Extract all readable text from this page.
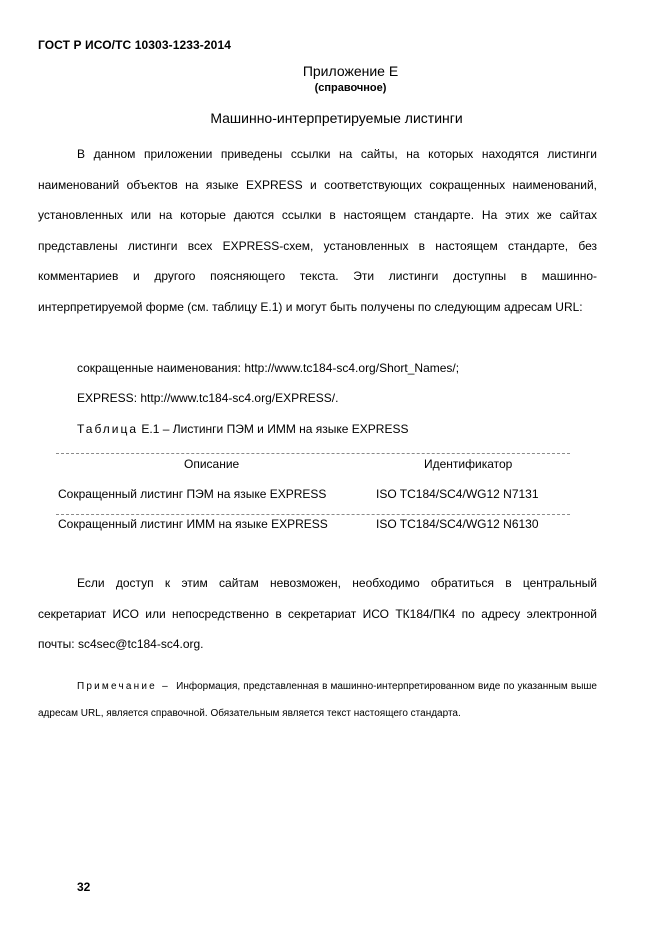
ГОСТ Р ИСО/ТС 10303-1233-2014
Приложение Е
(справочное)
Машинно-интерпретируемые листинги

В данном приложении приведены ссылки на сайты, на которых находятся листинги наименований объектов на языке EXPRESS и соответствующих сокращенных наименований, установленных или на которые даются ссылки в настоящем стандарте. На этих же сайтах представлены листинги всех EXPRESS-схем, установленных в настоящем стандарте, без комментариев и другого поясняющего текста. Эти листинги доступны в машинно-интерпретируемой форме (см. таблицу Е.1) и могут быть получены по следующим адресам URL:

сокращенные наименования: http://www.tc184-sc4.org/Short_Names/;
EXPRESS: http://www.tc184-sc4.org/EXPRESS/.
Таблица Е.1 – Листинги ПЭМ и ИММ на языке EXPRESS
Описание	Идентификатор
Сокращенный листинг ПЭМ на языке EXPRESS	ISO TC184/SC4/WG12 N7131
Сокращенный листинг ИММ на языке EXPRESS	ISO TC184/SC4/WG12 N6130

Если доступ к этим сайтам невозможен, необходимо обратиться в центральный секретариат ИСО или непосредственно в секретариат ИСО ТК184/ПК4 по адресу электронной почты: sc4sec@tc184-sc4.org.

Примечание – Информация, представленная в машинно-интерпретированном виде по указанным выше адресам URL, является справочной. Обязательным является текст настоящего стандарта.

32
